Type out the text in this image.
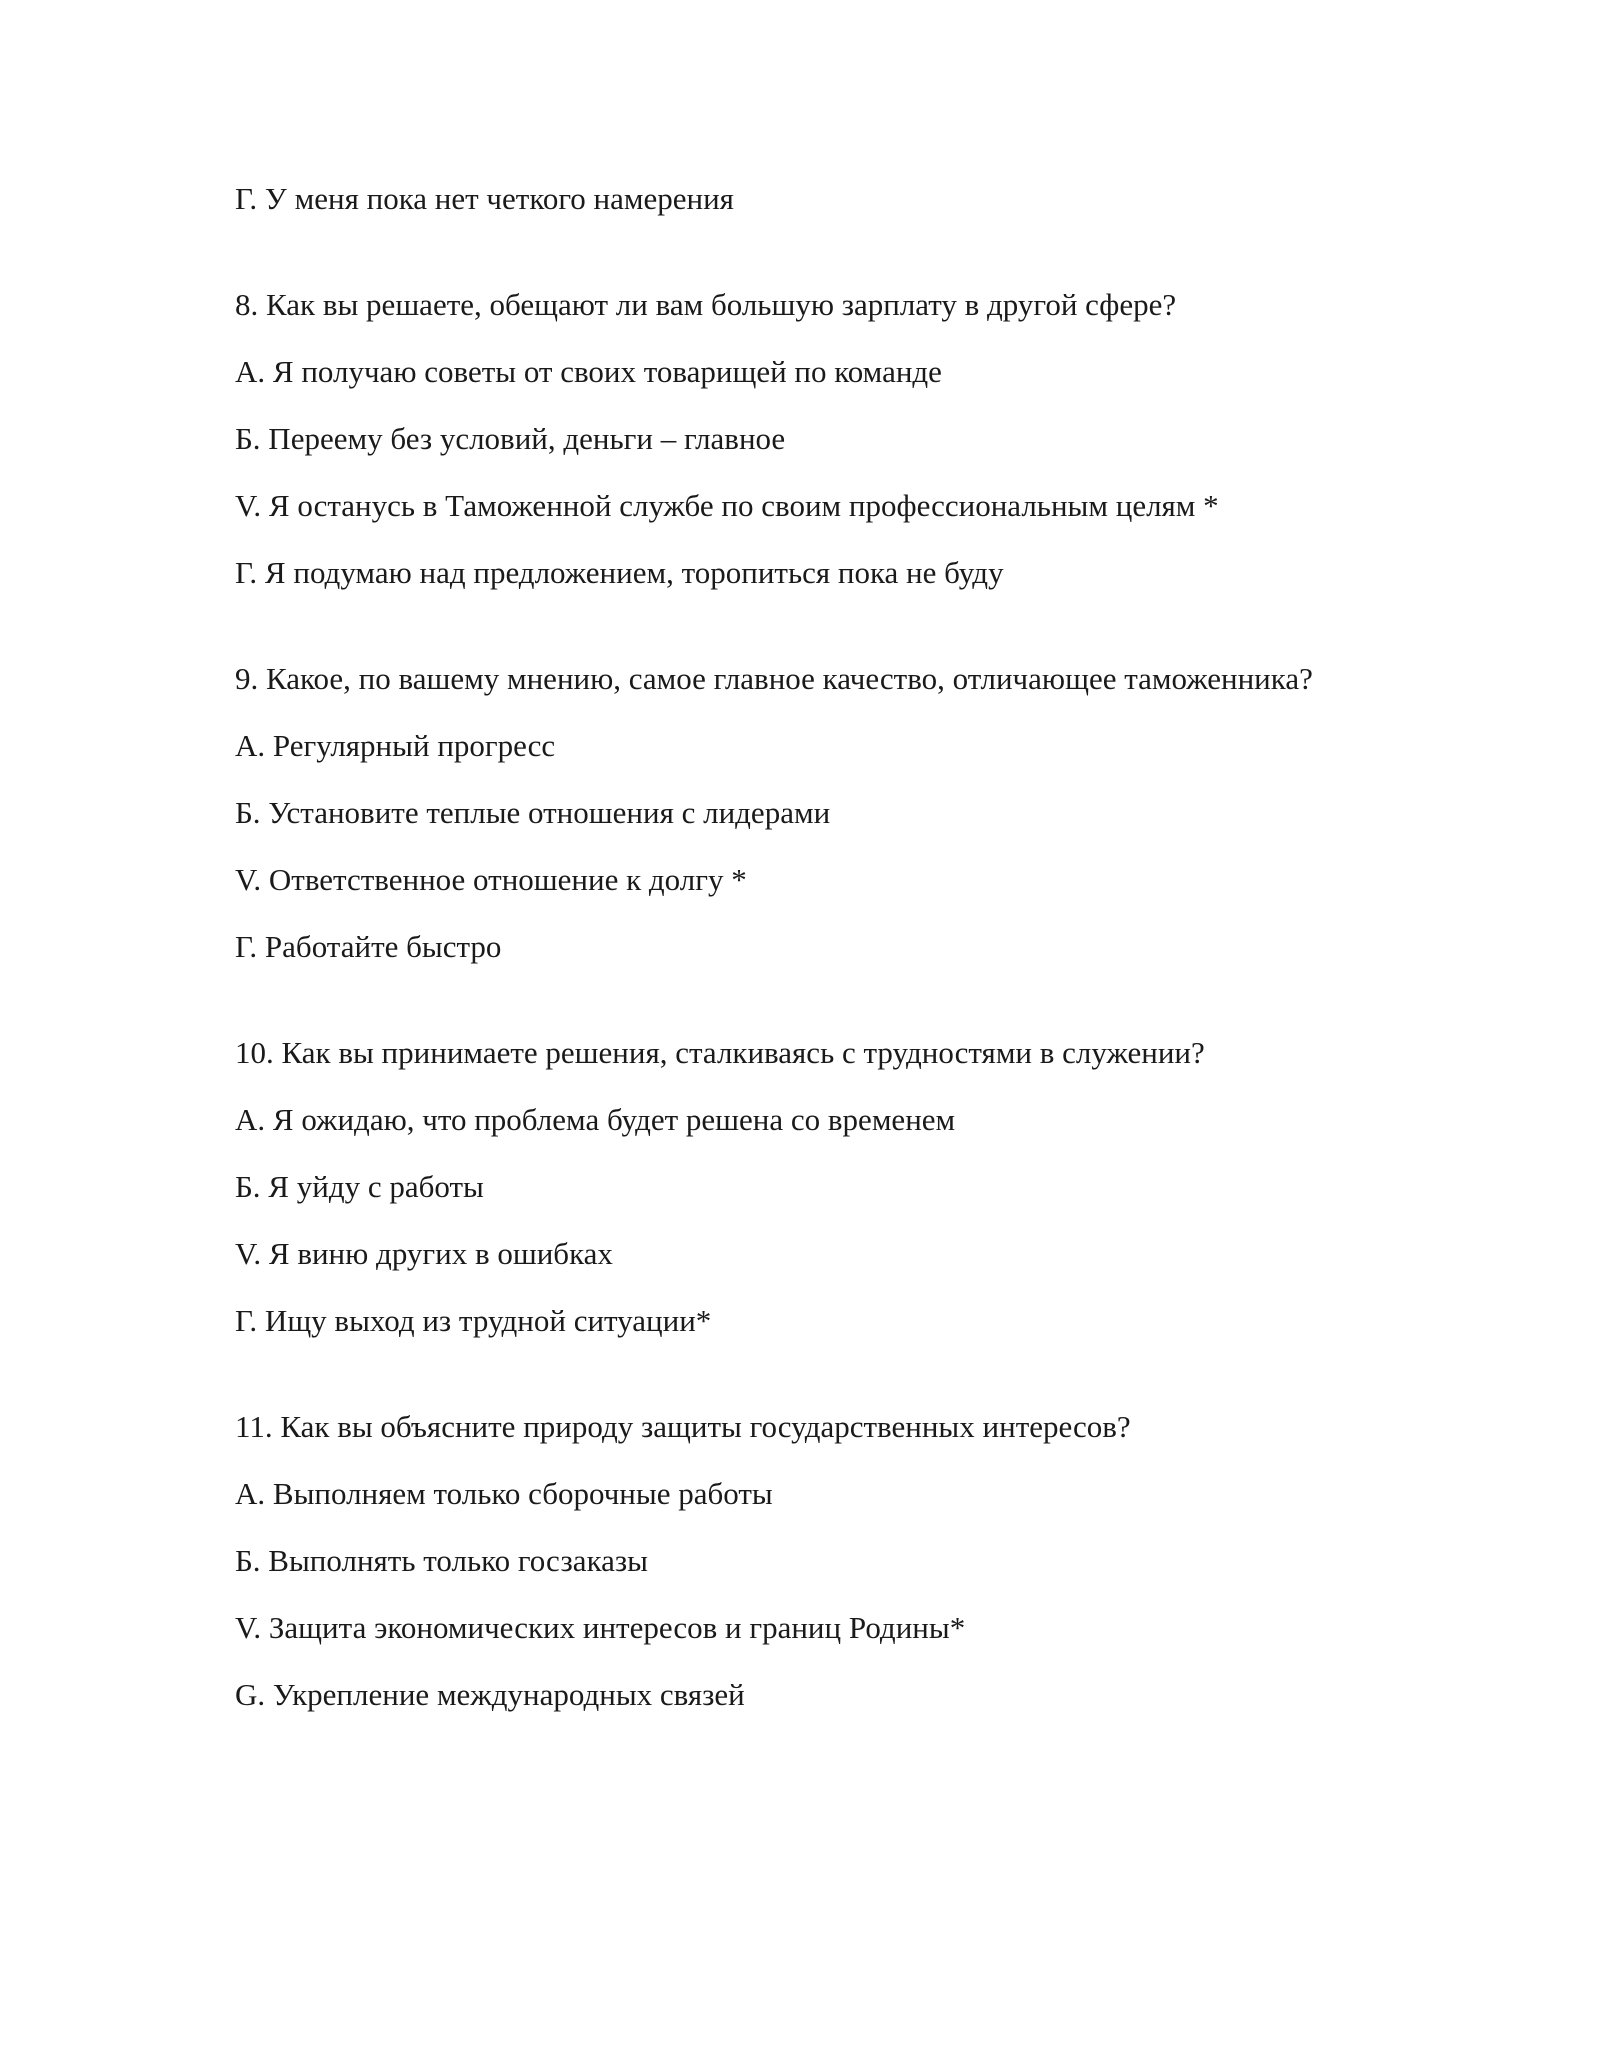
Г. У меня пока нет четкого намерения
8. Как вы решаете, обещают ли вам большую зарплату в другой сфере?
А. Я получаю советы от своих товарищей по команде
Б. Переему без условий, деньги – главное
V. Я останусь в Таможенной службе по своим профессиональным целям *
Г. Я подумаю над предложением, торопиться пока не буду
9. Какое, по вашему мнению, самое главное качество, отличающее таможенника?
А. Регулярный прогресс
Б. Установите теплые отношения с лидерами
V. Ответственное отношение к долгу *
Г. Работайте быстро
10. Как вы принимаете решения, сталкиваясь с трудностями в служении?
А. Я ожидаю, что проблема будет решена со временем
Б. Я уйду с работы
V. Я виню других в ошибках
Г. Ищу выход из трудной ситуации*
11. Как вы объясните природу защиты государственных интересов?
А. Выполняем только сборочные работы
Б. Выполнять только госзаказы
V. Защита экономических интересов и границ Родины*
G. Укрепление международных связей
